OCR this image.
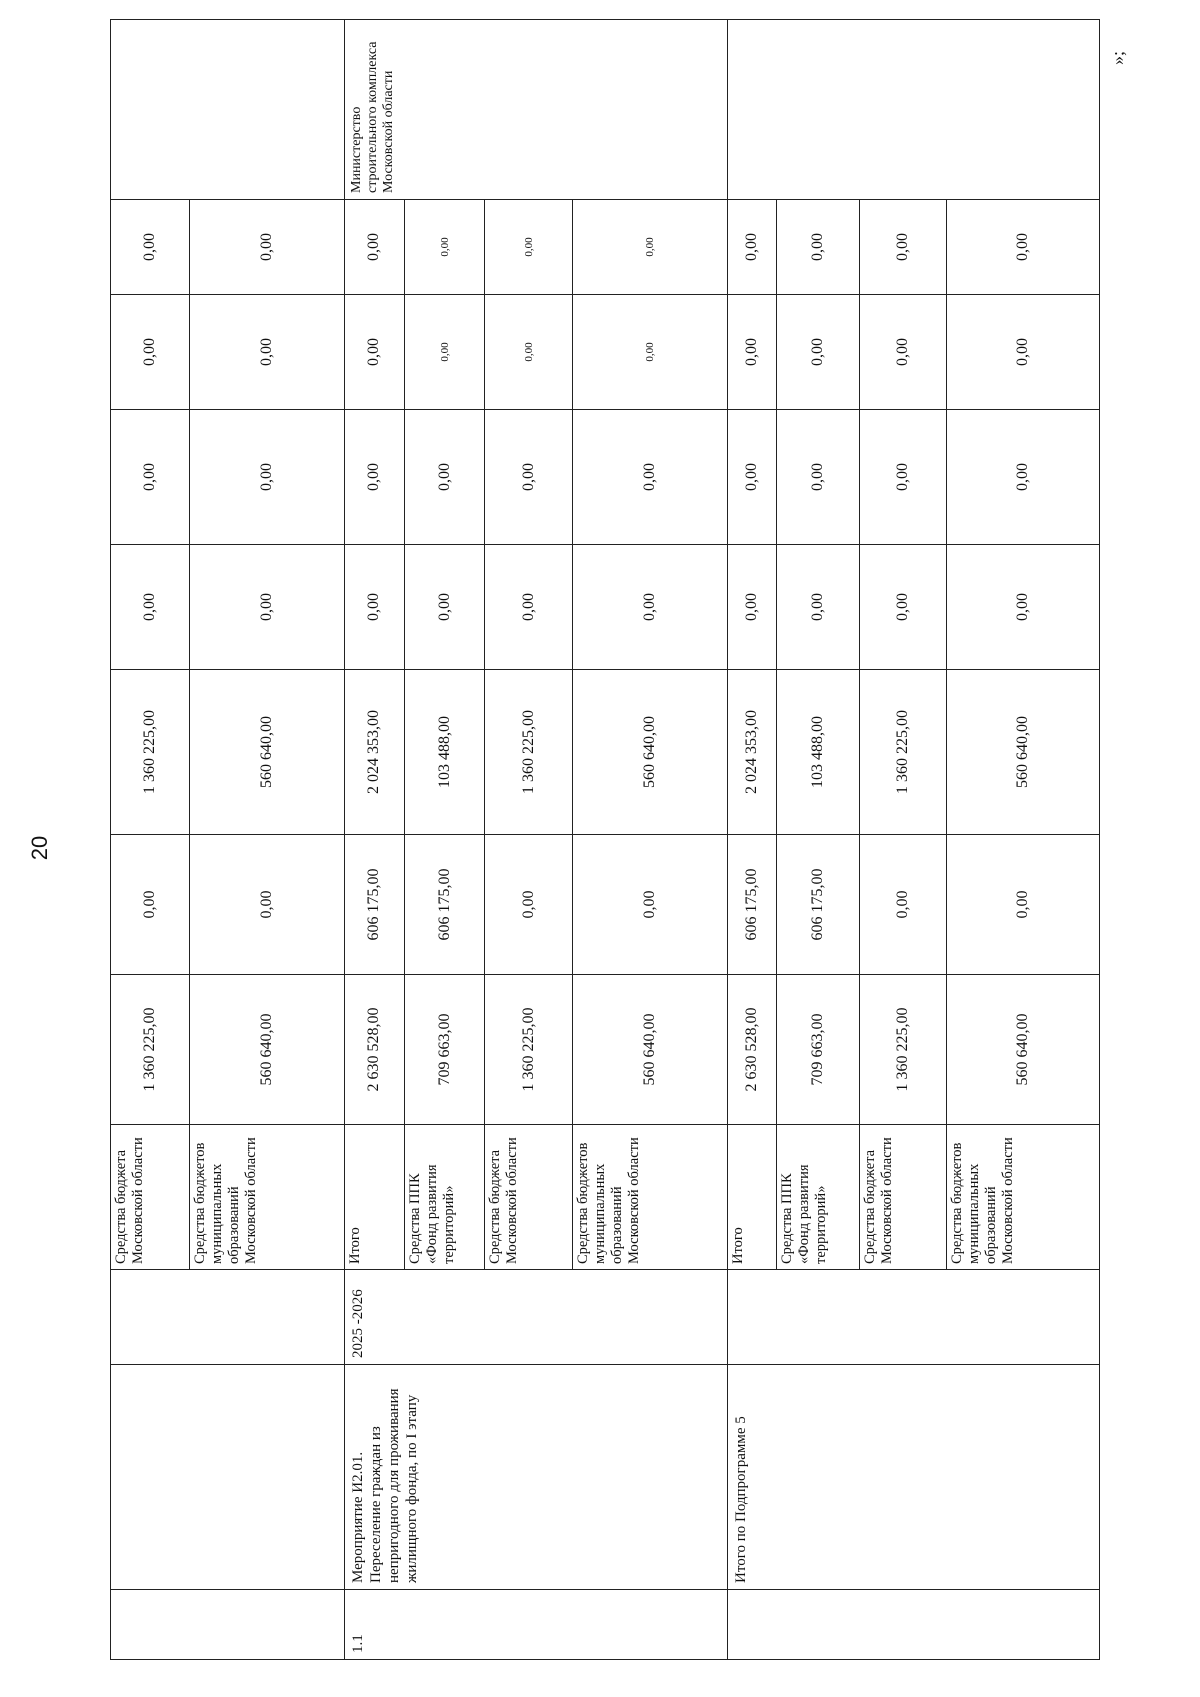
20
»;
			Средства бюджета Московской области	1 360 225,00	0,00	1 360 225,00	0,00	0,00	0,00	0,00	
			Средства бюджетов муниципальных образований Московской области	560 640,00	0,00	560 640,00	0,00	0,00	0,00	0,00	
1.1	Мероприятие И2.01. Переселение граждан из непригодного для проживания жилищного фонда, по I этапу	2025 -2026	Итого	2 630 528,00	606 175,00	2 024 353,00	0,00	0,00	0,00	0,00	Министерство строительного комплекса Московской области
			Средства ППК «Фонд развития территорий»	709 663,00	606 175,00	103 488,00	0,00	0,00	0,00	0,00	
			Средства бюджета Московской области	1 360 225,00	0,00	1 360 225,00	0,00	0,00	0,00	0,00	
			Средства бюджетов муниципальных образований Московской области	560 640,00	0,00	560 640,00	0,00	0,00	0,00	0,00	
	Итого по Подпрограмме 5		Итого	2 630 528,00	606 175,00	2 024 353,00	0,00	0,00	0,00	0,00	
			Средства ППК «Фонд развития территорий»	709 663,00	606 175,00	103 488,00	0,00	0,00	0,00	0,00	
			Средства бюджета Московской области	1 360 225,00	0,00	1 360 225,00	0,00	0,00	0,00	0,00	
			Средства бюджетов муниципальных образований Московской области	560 640,00	0,00	560 640,00	0,00	0,00	0,00	0,00	
